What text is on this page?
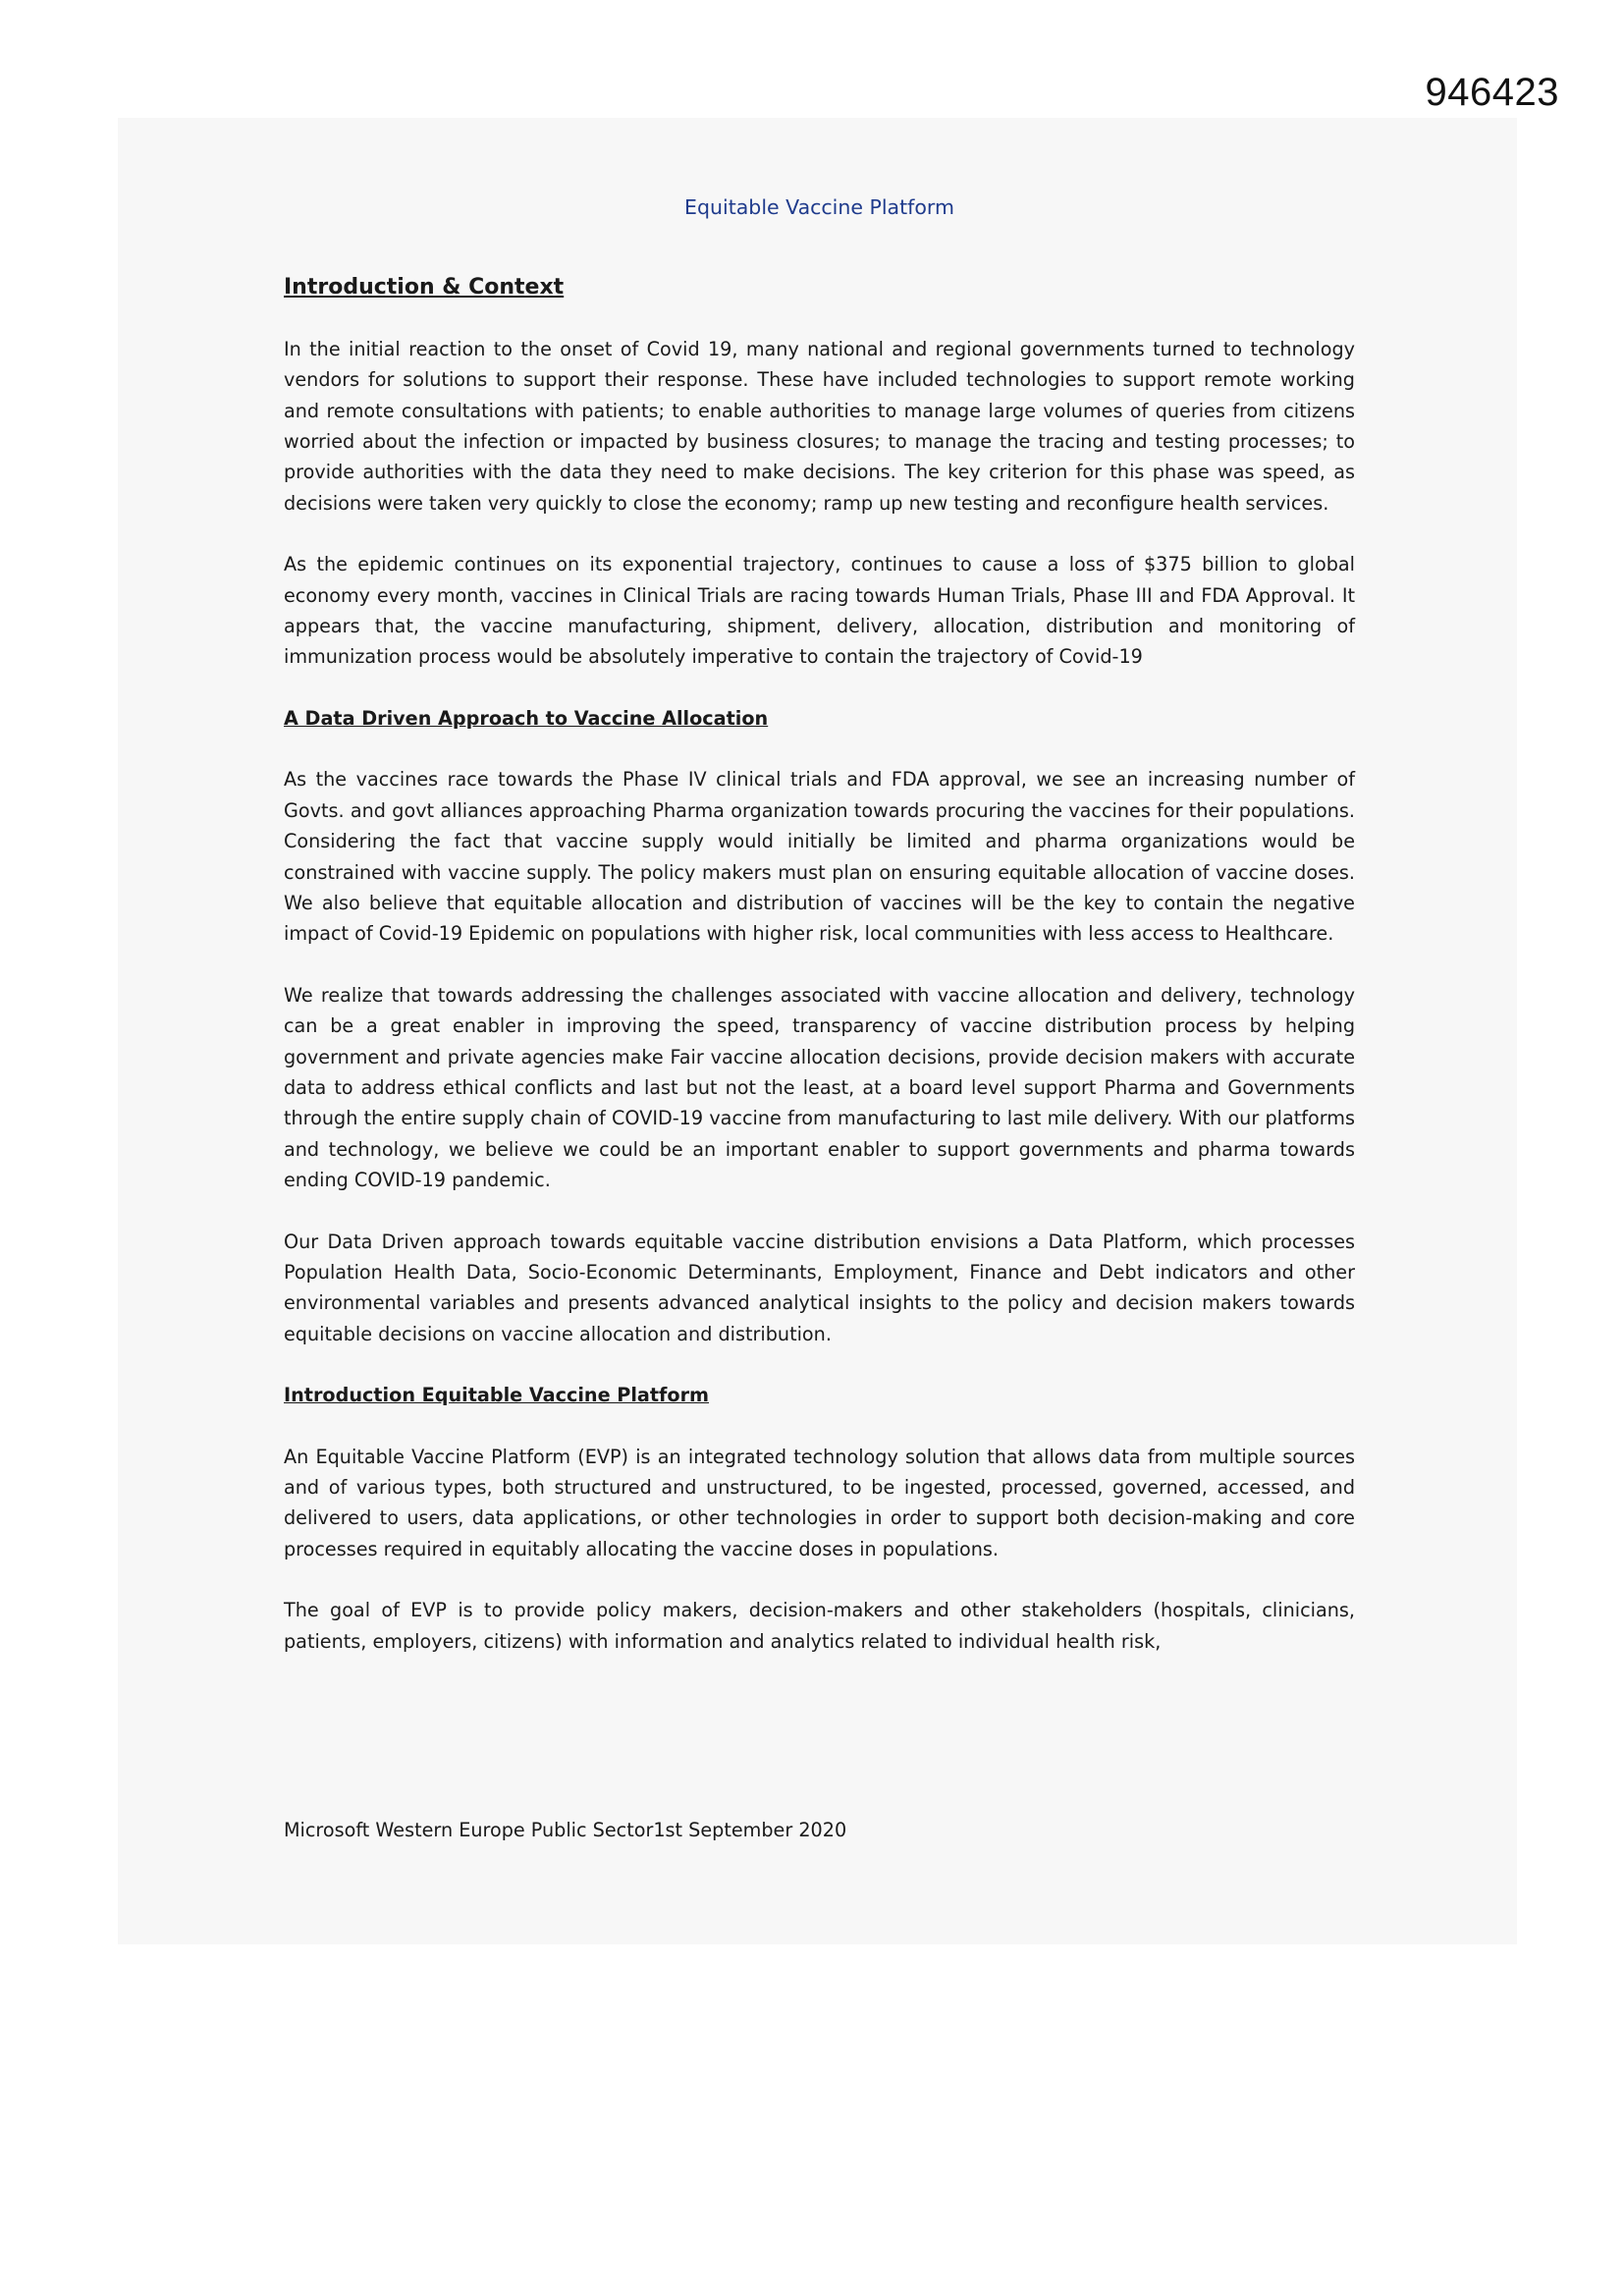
946423
Equitable Vaccine Platform
Introduction & Context

In the initial reaction to the onset of Covid 19, many national and regional governments turned to technology vendors for solutions to support their response. These have included technologies to support remote working and remote consultations with patients; to enable authorities to manage large volumes of queries from citizens worried about the infection or impacted by business closures; to manage the tracing and testing processes; to provide authorities with the data they need to make decisions. The key criterion for this phase was speed, as decisions were taken very quickly to close the economy; ramp up new testing and reconfigure health services.

As the epidemic continues on its exponential trajectory, continues to cause a loss of $375 billion to global economy every month, vaccines in Clinical Trials are racing towards Human Trials, Phase III and FDA Approval. It appears that, the vaccine manufacturing, shipment, delivery, allocation, distribution and monitoring of immunization process would be absolutely imperative to contain the trajectory of Covid-19

A Data Driven Approach to Vaccine Allocation

As the vaccines race towards the Phase IV clinical trials and FDA approval, we see an increasing number of Govts. and govt alliances approaching Pharma organization towards procuring the vaccines for their populations. Considering the fact that vaccine supply would initially be limited and pharma organizations would be constrained with vaccine supply. The policy makers must plan on ensuring equitable allocation of vaccine doses. We also believe that equitable allocation and distribution of vaccines will be the key to contain the negative impact of Covid-19 Epidemic on populations with higher risk, local communities with less access to Healthcare.

We realize that towards addressing the challenges associated with vaccine allocation and delivery, technology can be a great enabler in improving the speed, transparency of vaccine distribution process by helping government and private agencies make Fair vaccine allocation decisions, provide decision makers with accurate data to address ethical conflicts and last but not the least, at a board level support Pharma and Governments through the entire supply chain of COVID-19 vaccine from manufacturing to last mile delivery. With our platforms and technology, we believe we could be an important enabler to support governments and pharma towards ending COVID-19 pandemic.

Our Data Driven approach towards equitable vaccine distribution envisions a Data Platform, which processes Population Health Data, Socio-Economic Determinants, Employment, Finance and Debt indicators and other environmental variables and presents advanced analytical insights to the policy and decision makers towards equitable decisions on vaccine allocation and distribution.

Introduction Equitable Vaccine Platform

An Equitable Vaccine Platform (EVP) is an integrated technology solution that allows data from multiple sources and of various types, both structured and unstructured, to be ingested, processed, governed, accessed, and delivered to users, data applications, or other technologies in order to support both decision-making and core processes required in equitably allocating the vaccine doses in populations.

The goal of EVP is to provide policy makers, decision-makers and other stakeholders (hospitals, clinicians, patients, employers, citizens) with information and analytics related to individual health risk,

Microsoft Western Europe Public Sector1st September 2020
